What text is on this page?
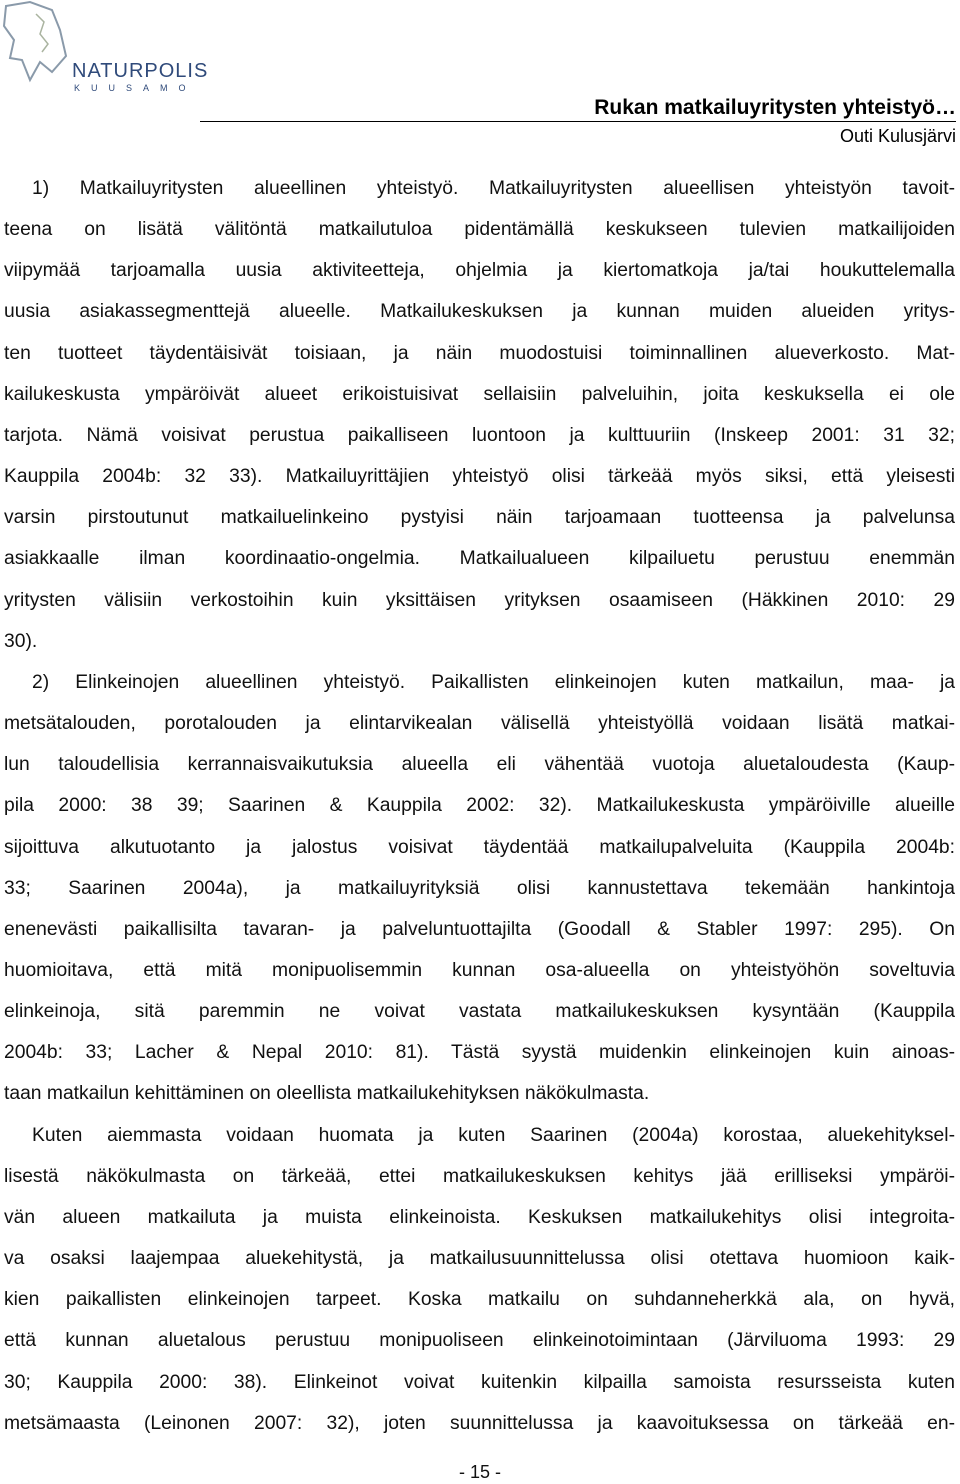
NATURPOLIS
KUUSAMO
Rukan matkailuyritysten yhteistyö…
Outi Kulusjärvi

1) Matkailuyritysten alueellinen yhteistyö. Matkailuyritysten alueellisen yhteistyön tavoit-

teena on lisätä välitöntä matkailutuloa pidentämällä keskukseen tulevien matkailijoiden

viipymää tarjoamalla uusia aktiviteetteja, ohjelmia ja kiertomatkoja ja/tai houkuttelemalla

uusia asiakassegmenttejä alueelle. Matkailukeskuksen ja kunnan muiden alueiden yritys-

ten tuotteet täydentäisivät toisiaan, ja näin muodostuisi toiminnallinen alueverkosto. Mat-

kailukeskusta ympäröivät alueet erikoistuisivat sellaisiin palveluihin, joita keskuksella ei ole

tarjota. Nämä voisivat perustua paikalliseen luontoon ja kulttuuriin (Inskeep 2001: 31 32;

Kauppila 2004b: 32 33). Matkailuyrittäjien yhteistyö olisi tärkeää myös siksi, että yleisesti

varsin pirstoutunut matkailuelinkeino pystyisi näin tarjoamaan tuotteensa ja palvelunsa

asiakkaalle ilman koordinaatio-ongelmia. Matkailualueen kilpailuetu perustuu enemmän

yritysten välisiin verkostoihin kuin yksittäisen yrityksen osaamiseen (Häkkinen 2010: 29

30).

2) Elinkeinojen alueellinen yhteistyö. Paikallisten elinkeinojen kuten matkailun, maa- ja

metsätalouden, porotalouden ja elintarvikealan välisellä yhteistyöllä voidaan lisätä matkai-

lun taloudellisia kerrannaisvaikutuksia alueella eli vähentää vuotoja aluetaloudesta (Kaup-

pila 2000: 38 39; Saarinen & Kauppila 2002: 32). Matkailukeskusta ympäröiville alueille

sijoittuva alkutuotanto ja jalostus voisivat täydentää matkailupalveluita (Kauppila 2004b:

33; Saarinen 2004a), ja matkailuyrityksiä olisi kannustettava tekemään hankintoja

enenevästi paikallisilta tavaran- ja palveluntuottajilta (Goodall & Stabler 1997: 295). On

huomioitava, että mitä monipuolisemmin kunnan osa-alueella on yhteistyöhön soveltuvia

elinkeinoja, sitä paremmin ne voivat vastata matkailukeskuksen kysyntään (Kauppila

2004b: 33; Lacher & Nepal 2010: 81). Tästä syystä muidenkin elinkeinojen kuin ainoas-

taan matkailun kehittäminen on oleellista matkailukehityksen näkökulmasta.

Kuten aiemmasta voidaan huomata ja kuten Saarinen (2004a) korostaa, aluekehityksel-

lisestä näkökulmasta on tärkeää, ettei matkailukeskuksen kehitys jää erilliseksi ympäröi-

vän alueen matkailuta ja muista elinkeinoista. Keskuksen matkailukehitys olisi integroita-

va osaksi laajempaa aluekehitystä, ja matkailusuunnittelussa olisi otettava huomioon kaik-

kien paikallisten elinkeinojen tarpeet. Koska matkailu on suhdanneherkkä ala, on hyvä,

että kunnan aluetalous perustuu monipuoliseen elinkeinotoimintaan (Järviluoma 1993: 29

30; Kauppila 2000: 38). Elinkeinot voivat kuitenkin kilpailla samoista resursseista kuten

metsämaasta (Leinonen 2007: 32), joten suunnittelussa ja kaavoituksessa on tärkeää en-

- 15 -
